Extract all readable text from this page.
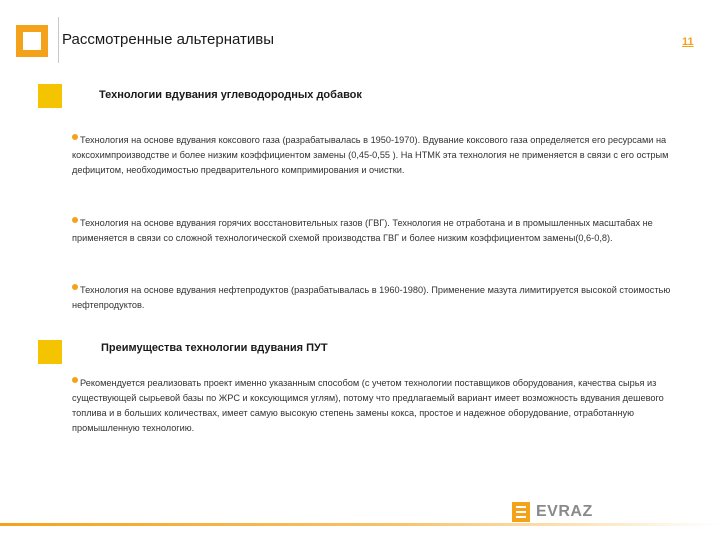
Рассмотренные альтернативы	11
Технологии вдувания углеводородных добавок
Технология на основе вдувания коксового газа (разрабатывалась в 1950-1970). Вдувание коксового газа определяется его ресурсами на коксохимпроизводстве и более низким коэффициентом замены (0,45-0,55 ). На НТМК эта технология не применяется в связи с его острым дефицитом, необходимостью предварительного компримирования и очистки.
Технология на основе вдувания горячих восстановительных газов (ГВГ). Технология не отработана и в промышленных масштабах не применяется в связи со сложной технологической схемой производства ГВГ и более низким коэффициентом замены(0,6-0,8).
Технология на основе вдувания нефтепродуктов (разрабатывалась в 1960-1980). Применение мазута лимитируется высокой стоимостью нефтепродуктов.
Преимущества технологии вдувания ПУТ
Рекомендуется реализовать проект именно указанным способом (с учетом технологии поставщиков оборудования, качества сырья из существующей сырьевой базы по ЖРС и коксующимся углям), потому что предлагаемый вариант имеет возможность вдувания дешевого топлива и в больших количествах, имеет самую высокую степень замены кокса, простое и надежное оборудование, отработанную промышленную технологию.
EVRAZ
